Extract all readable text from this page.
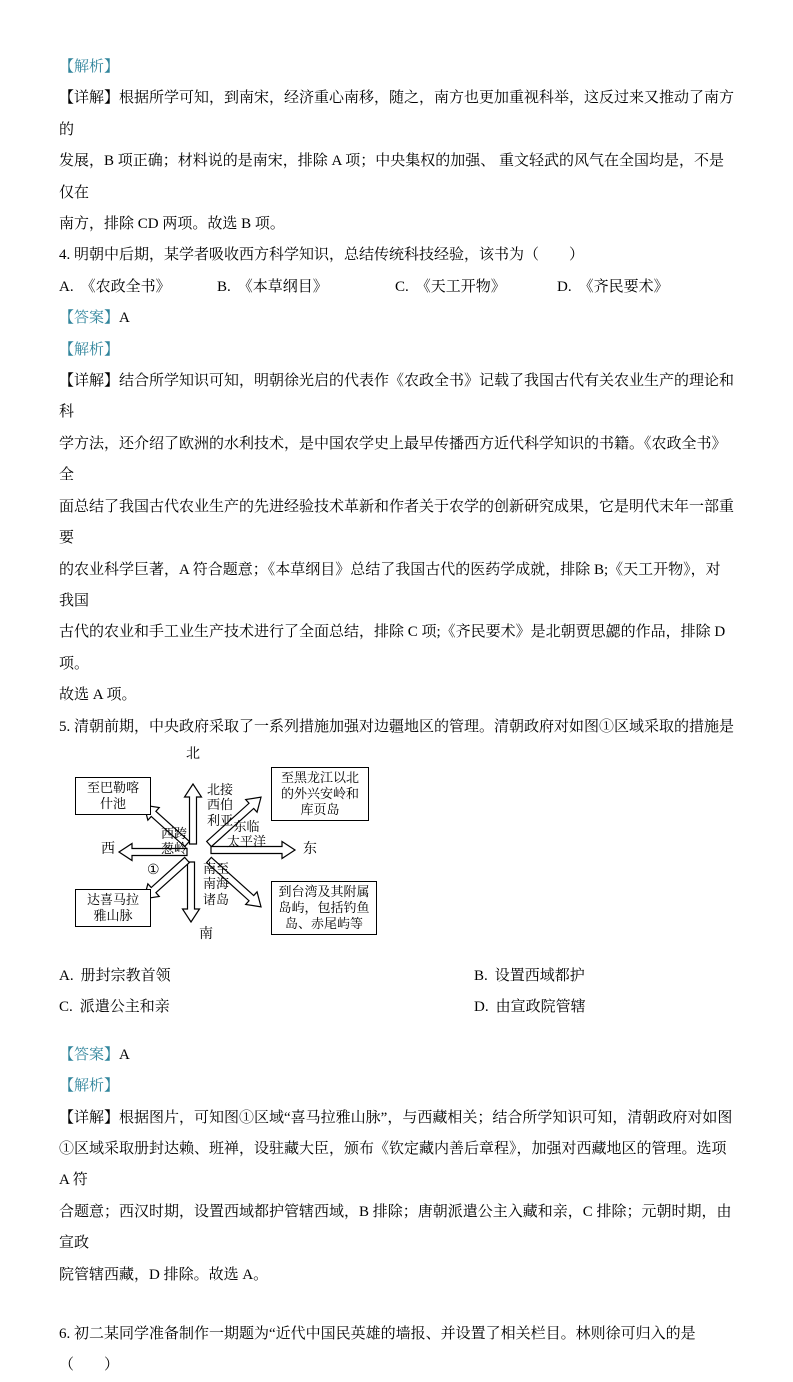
【解析】
【详解】根据所学可知，到南宋，经济重心南移，随之，南方也更加重视科举，这反过来又推动了南方的
发展，B 项正确；材料说的是南宋，排除 A 项；中央集权的加强、 重文轻武的风气在全国均是，不是仅在
南方，排除 CD 两项。故选 B 项。
4. 明朝中后期，某学者吸收西方科学知识，总结传统科技经验，该书为（　　）
A. 《农政全书》	B. 《本草纲目》	C. 《天工开物》	D. 《齐民要术》
【答案】A
【解析】
【详解】结合所学知识可知，明朝徐光启的代表作《农政全书》记载了我国古代有关农业生产的理论和科
学方法，还介绍了欧洲的水利技术，是中国农学史上最早传播西方近代科学知识的书籍。《农政全书》 全
面总结了我国古代农业生产的先进经验技术革新和作者关于农学的创新研究成果，它是明代末年一部重 要
的农业科学巨著，A 符合题意；《本草纲目》总结了我国古代的医药学成就，排除 B;《天工开物》，对我国
古代的农业和手工业生产技术进行了全面总结，排除 C 项;《齐民要术》是北朝贾思勰的作品，排除 D 项。
故选 A 项。
5. 清朝前期，中央政府采取了一系列措施加强对边疆地区的管理。清朝政府对如图①区域采取的措施是
北
南
西	东
北接
西伯
利亚
南至
南海
诸岛
西跨
葱岭
东临
太平洋
①
至巴勒喀
什池
至黑龙江以北
的外兴安岭和
库页岛
达喜马拉
雅山脉
到台湾及其附属
岛屿，包括钓鱼
岛、赤尾屿等
A. 册封宗教首领	B. 设置西域都护
C. 派遣公主和亲	D. 由宣政院管辖
【答案】A
【解析】
【详解】根据图片，可知图①区域“喜马拉雅山脉”，与西藏相关；结合所学知识可知，清朝政府对如图
①区域采取册封达赖、班禅，设驻藏大臣，颁布《钦定藏内善后章程》，加强对西藏地区的管理。选项 A 符
合题意；西汉时期，设置西域都护管辖西域，B 排除；唐朝派遣公主入藏和亲，C 排除；元朝时期，由宣政
院管辖西藏，D 排除。故选 A。
6. 初二某同学准备制作一期题为“近代中国民英雄的墙报、并设置了相关栏目。林则徐可归入的是（　　）
